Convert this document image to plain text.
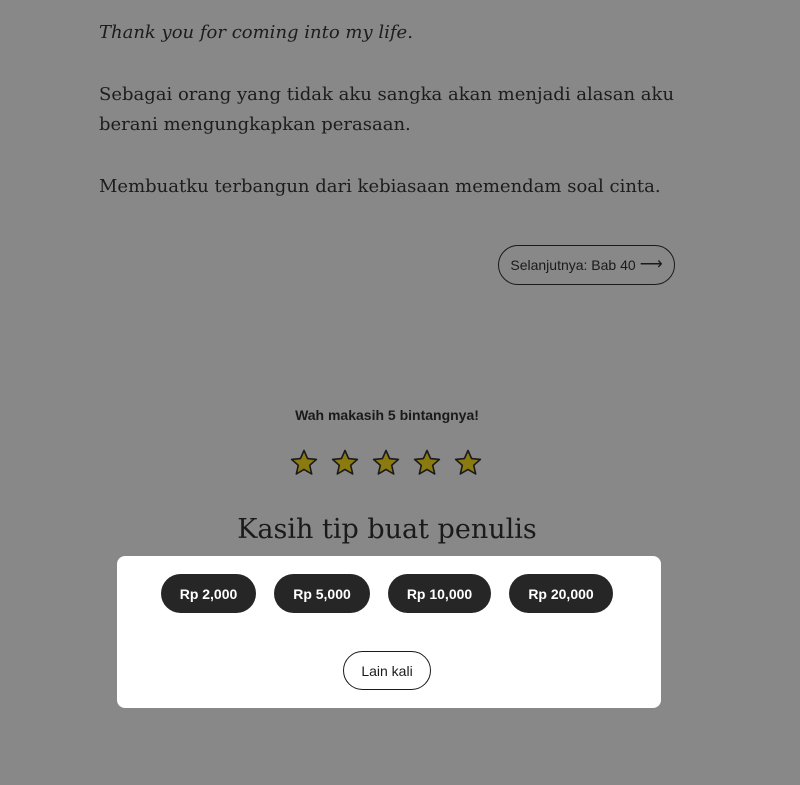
Thank you for coming into my life.

Sebagai orang yang tidak aku sangka akan menjadi alasan aku berani mengungkapkan perasaan.

Membuatku terbangun dari kebiasaan memendam soal cinta.

Selanjutnya: Bab 40 ⟶
Wah makasih 5 bintangnya!
Kasih tip buat penulis
Rp 2,000	Rp 5,000	Rp 10,000	Rp 20,000
Lain kali
